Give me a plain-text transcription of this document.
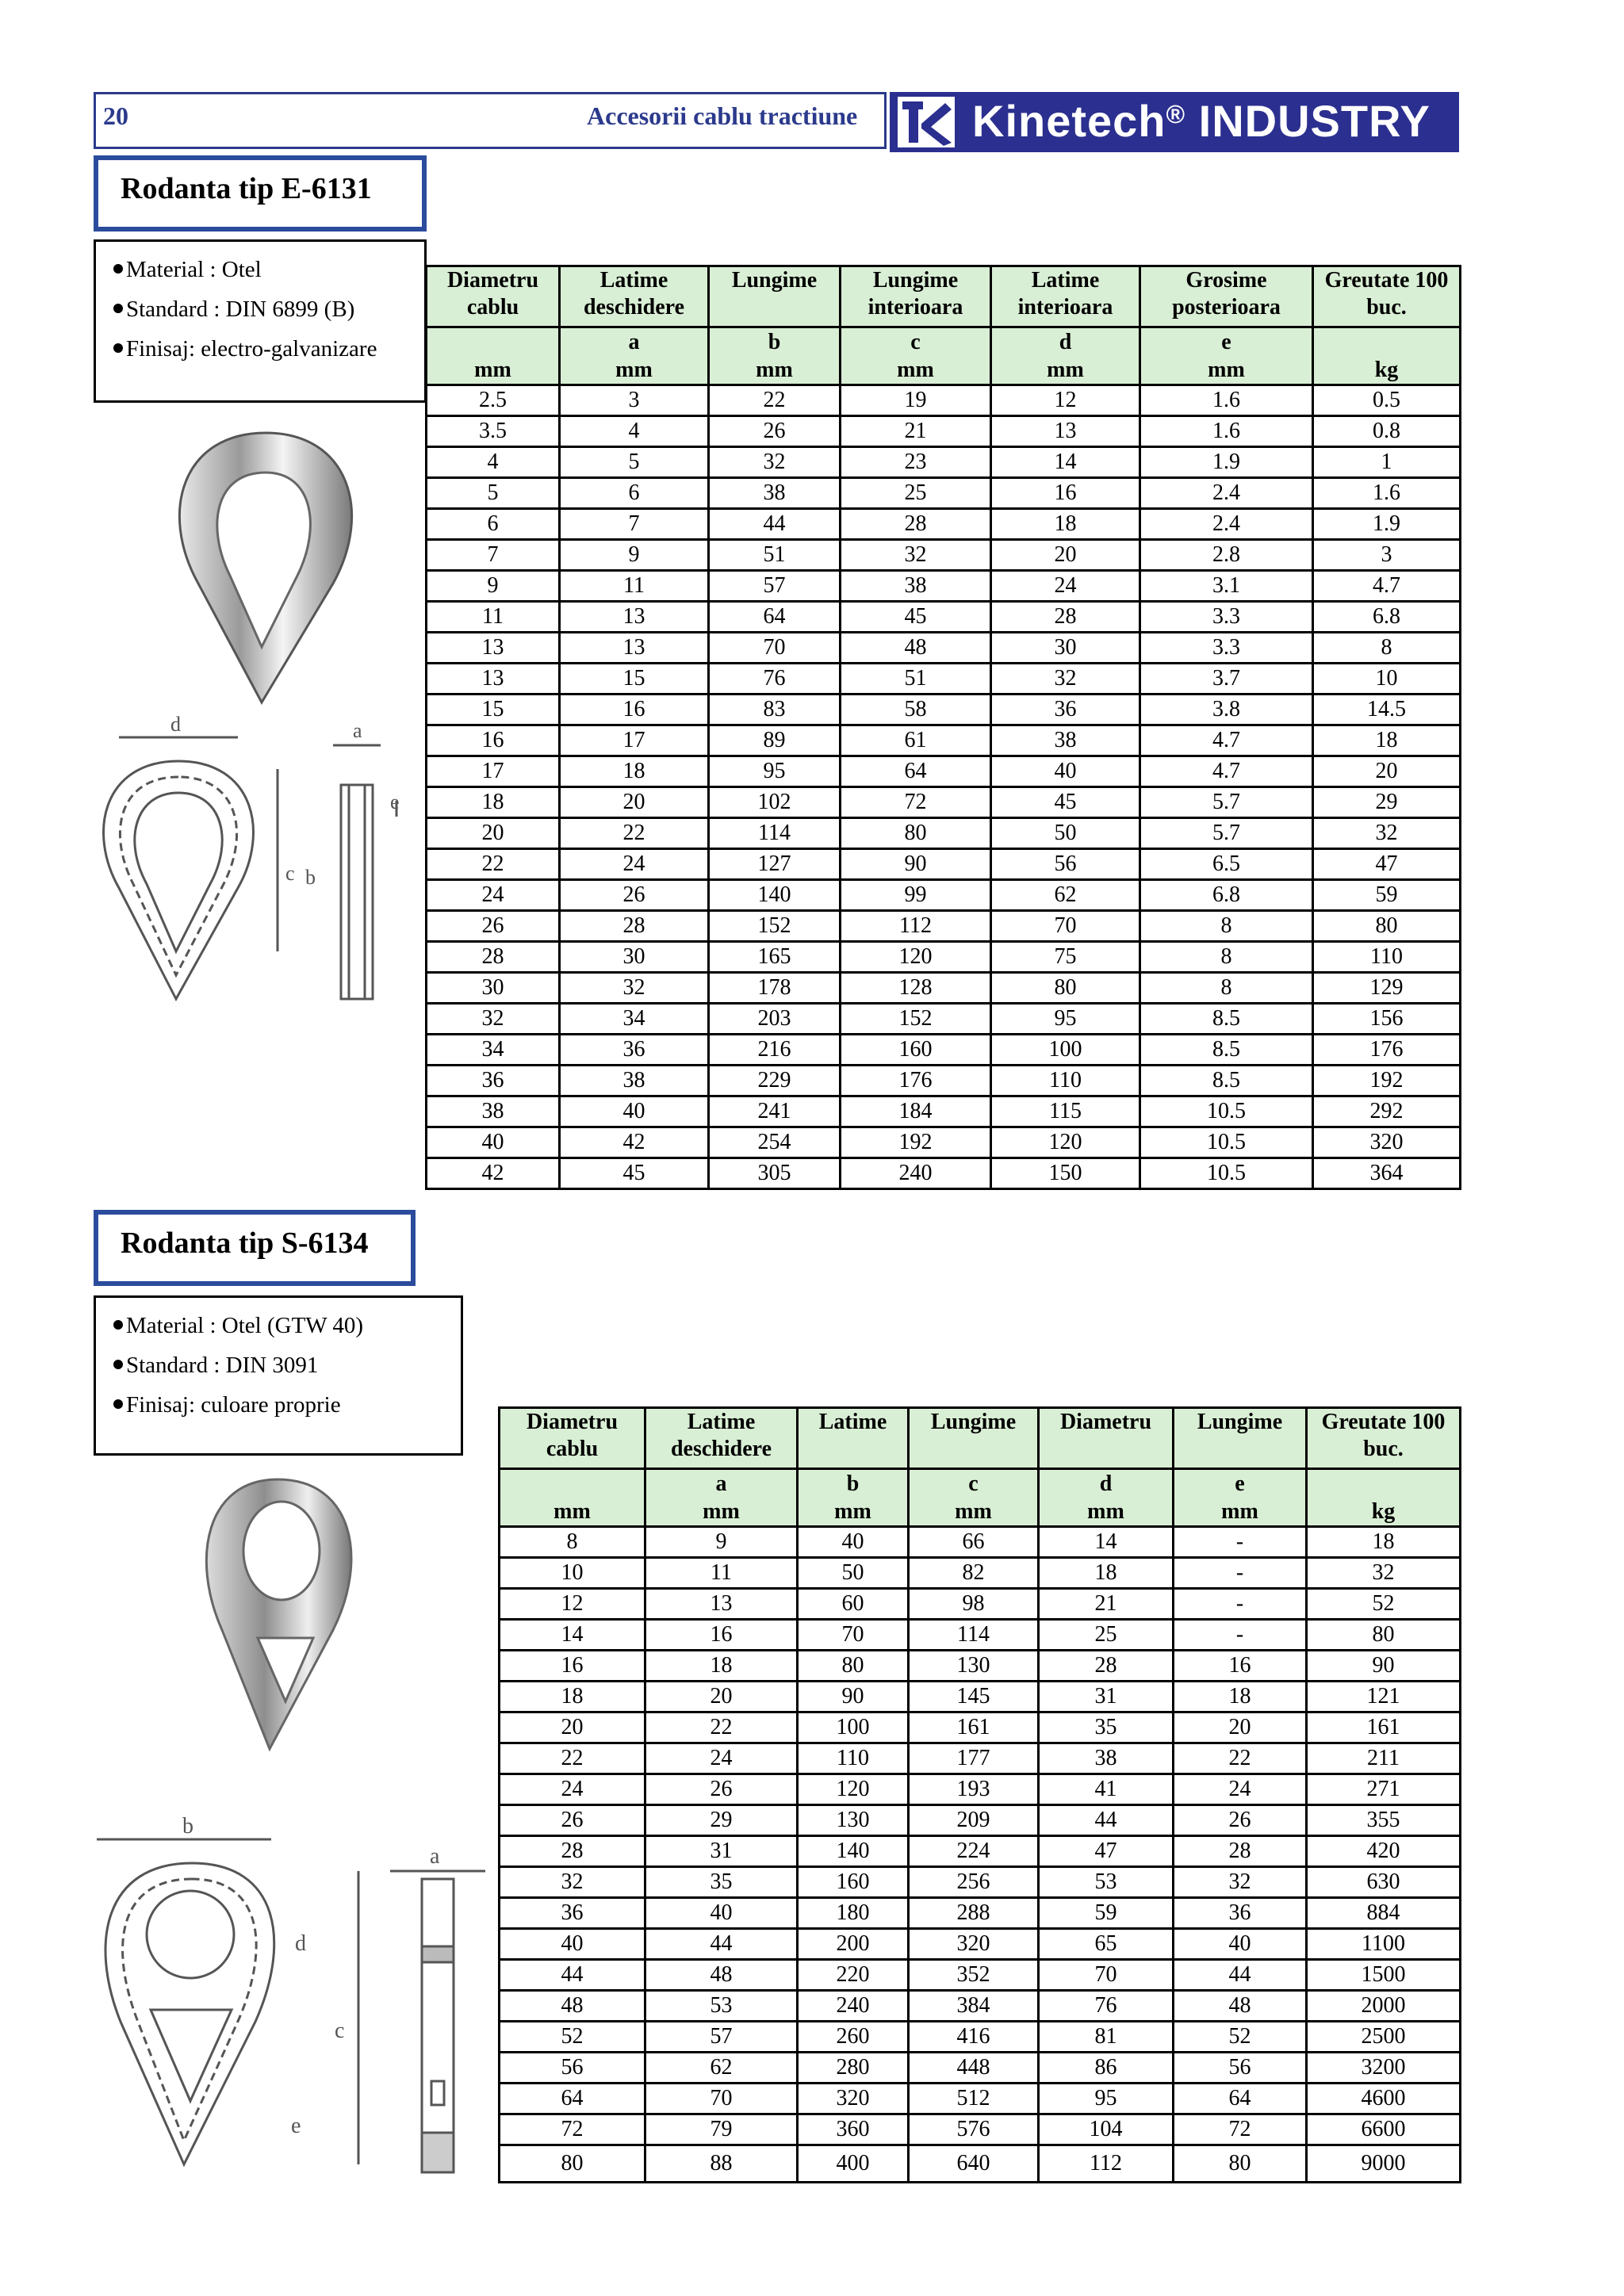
20	Accesorii cablu tractiune	Kinetech® INDUSTRY
Rodanta tip E-6131
Material : Otel
Standard : DIN 6899 (B)
Finisaj: electro-galvanizare
d	a
e
c b
Diametru cablu	Latime deschidere	Lungime	Lungime interioara	Latime interioara	Grosime posterioara	Greutate 100 buc.
	a	b	c	d	e	
mm	mm	mm	mm	mm	mm	kg
2.5	3	22	19	12	1.6	0.5
3.5	4	26	21	13	1.6	0.8
4	5	32	23	14	1.9	1
5	6	38	25	16	2.4	1.6
6	7	44	28	18	2.4	1.9
7	9	51	32	20	2.8	3
9	11	57	38	24	3.1	4.7
11	13	64	45	28	3.3	6.8
13	13	70	48	30	3.3	8
13	15	76	51	32	3.7	10
15	16	83	58	36	3.8	14.5
16	17	89	61	38	4.7	18
17	18	95	64	40	4.7	20
18	20	102	72	45	5.7	29
20	22	114	80	50	5.7	32
22	24	127	90	56	6.5	47
24	26	140	99	62	6.8	59
26	28	152	112	70	8	80
28	30	165	120	75	8	110
30	32	178	128	80	8	129
32	34	203	152	95	8.5	156
34	36	216	160	100	8.5	176
36	38	229	176	110	8.5	192
38	40	241	184	115	10.5	292
40	42	254	192	120	10.5	320
42	45	305	240	150	10.5	364
Rodanta tip S-6134
Material : Otel (GTW 40)
Standard : DIN 3091
Finisaj: culoare proprie
b
a
d
c
e
Diametru cablu	Latime deschidere	Latime	Lungime	Diametru	Lungime	Greutate 100 buc.
	a	b	c	d	e	
mm	mm	mm	mm	mm	mm	kg
8	9	40	66	14	-	18
10	11	50	82	18	-	32
12	13	60	98	21	-	52
14	16	70	114	25	-	80
16	18	80	130	28	16	90
18	20	90	145	31	18	121
20	22	100	161	35	20	161
22	24	110	177	38	22	211
24	26	120	193	41	24	271
26	29	130	209	44	26	355
28	31	140	224	47	28	420
32	35	160	256	53	32	630
36	40	180	288	59	36	884
40	44	200	320	65	40	1100
44	48	220	352	70	44	1500
48	53	240	384	76	48	2000
52	57	260	416	81	52	2500
56	62	280	448	86	56	3200
64	70	320	512	95	64	4600
72	79	360	576	104	72	6600
80	88	400	640	112	80	9000
